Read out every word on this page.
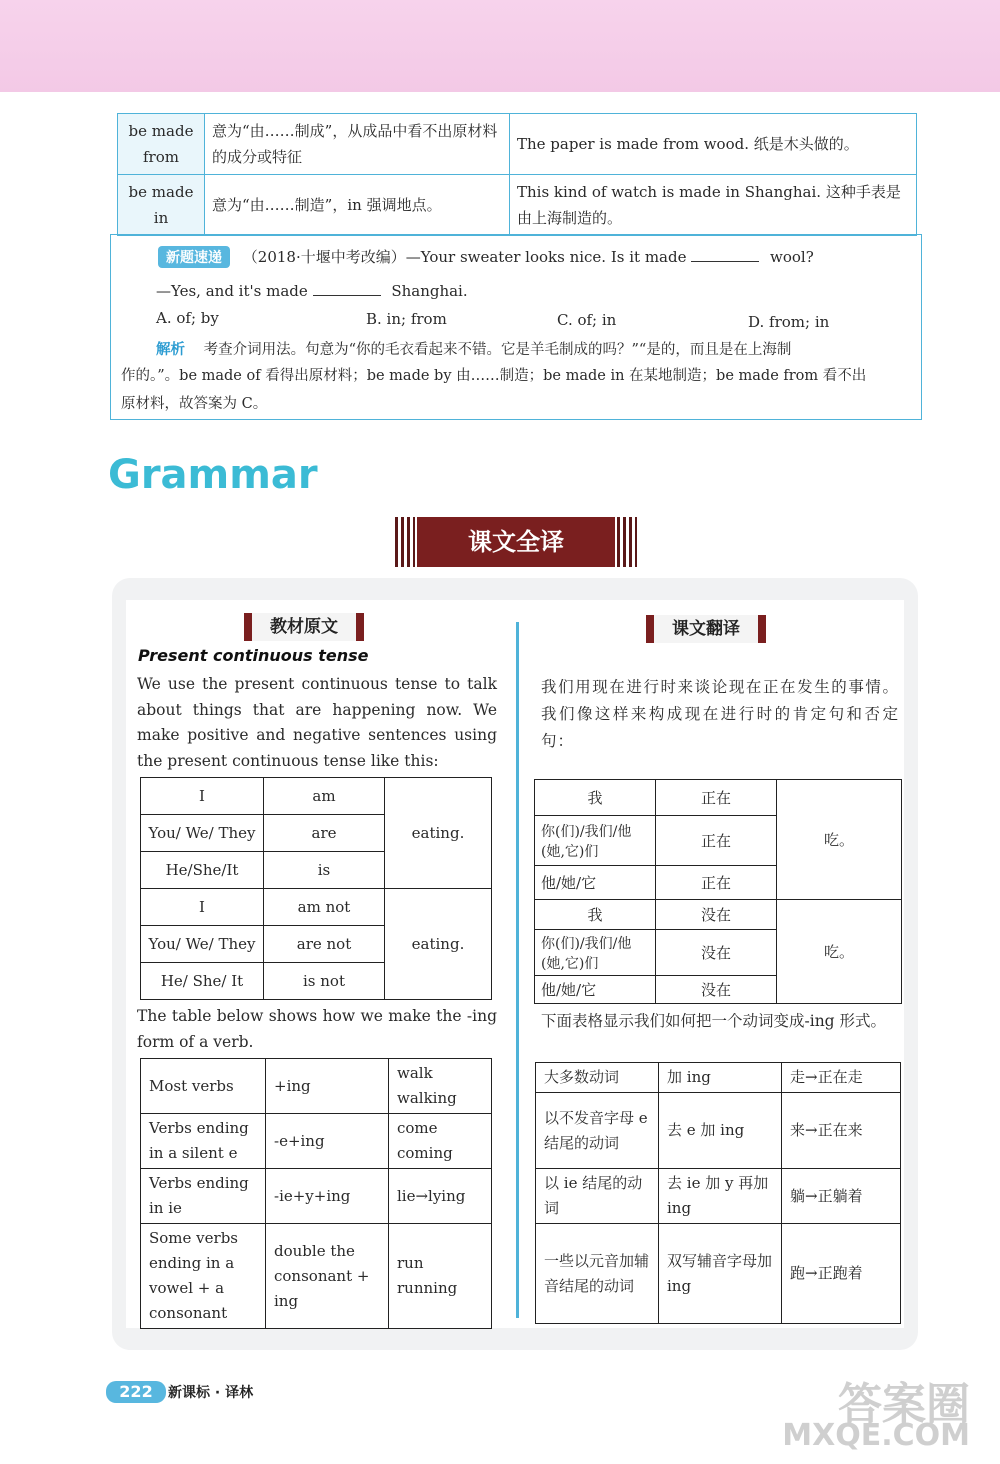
be made from	意为“由……制成”，从成品中看不出原材料的成分或特征	The paper is made from wood. 纸是木头做的。
be made in	意为“由……制造”，in 强调地点。	This kind of watch is made in Shanghai. 这种手表是由上海制造的。
新题速递 （2018·十堰中考改编）—Your sweater looks nice. Is it made	wool?
—Yes, and it's made	Shanghai.
A. of; by	B. in; from	C. of; in	D. from; in
解析 考查介词用法。句意为“你的毛衣看起来不错。它是羊毛制成的吗？”“是的，而且是在上海制
作的。”。be made of 看得出原材料；be made by 由……制造；be made in 在某地制造；be made from 看不出
原材料，故答案为 C。
Grammar
课文全译
教材原文
Present continuous tense
We use the present continuous tense to talk about things that are happening now. We make positive and negative sentences using the present continuous tense like this:
I	am	eating.
You/ We/ They	are	
He/She/It	is	
I	am not	eating.
You/ We/ They	are not	
He/ She/ It	is not	
The table below shows how we make the -ing form of a verb.
Most verbs	+ing	walk
walking

Verbs ending in a silent e	-e+ing	come
coming

Verbs ending in ie	-ie+y+ing	lie→lying
Some verbs ending in a vowel + a consonant	double the consonant + ing	run
running
课文翻译
我们用现在进行时来谈论现在正在发生的事情。我们像这样来构成现在进行时的肯定句和否定句：
我	正在	吃。
你(们)/我们/他(她,它)们	正在	
他/她/它	正在	
我	没在	吃。
你(们)/我们/他(她,它)们	没在	
他/她/它	没在	
下面表格显示我们如何把一个动词变成-ing 形式。
大多数动词	加 ing	走→正在走
以不发音字母 e 结尾的动词	去 e 加 ing	来→正在来
以 ie 结尾的动词	去 ie 加 y 再加 ing	躺→正躺着
一些以元音加辅音结尾的动词	双写辅音字母加 ing	跑→正跑着
222	新课标 · 译林	答案圈
MXQE.COM
